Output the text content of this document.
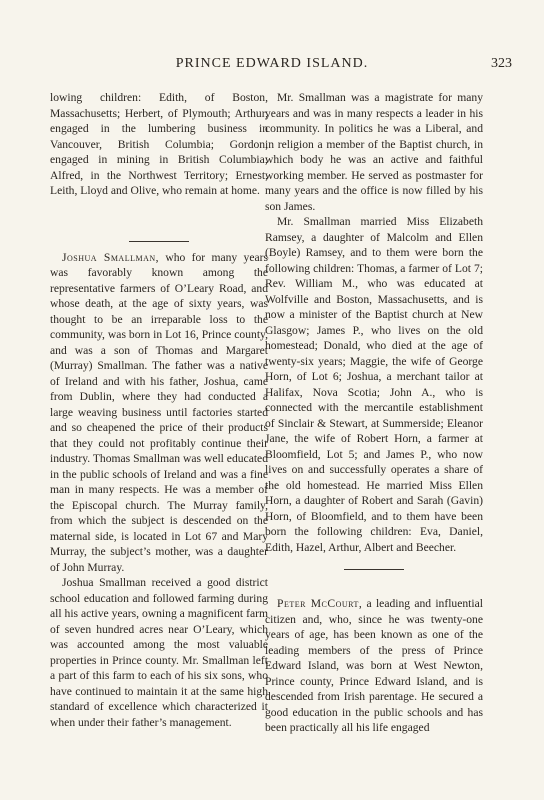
PRINCE EDWARD ISLAND.	323

lowing children: Edith, of Boston, Massachusetts; Herbert, of Plymouth; Arthur, engaged in the lumbering business in Vancouver, British Columbia; Gordon, engaged in mining in British Columbia; Alfred, in the Northwest Territory; Ernest, Leith, Lloyd and Olive, who remain at home.

Joshua Smallman, who for many years was favorably known among the representative farmers of O’Leary Road, and whose death, at the age of sixty years, was thought to be an irreparable loss to the community, was born in Lot 16, Prince county, and was a son of Thomas and Margaret (Murray) Smallman. The father was a native of Ireland and with his father, Joshua, came from Dublin, where they had conducted a large weaving business until factories started and so cheapened the price of their products that they could not profitably continue their industry. Thomas Smallman was well educated in the public schools of Ireland and was a fine man in many respects. He was a member of the Episcopal church. The Murray family, from which the subject is descended on the maternal side, is located in Lot 67 and Mary Murray, the subject’s mother, was a daughter of John Murray.

Joshua Smallman received a good district school education and followed farming during all his active years, owning a magnificent farm of seven hundred acres near O’Leary, which was accounted among the most valuable properties in Prince county. Mr. Smallman left a part of this farm to each of his six sons, who have continued to maintain it at the same high standard of excellence which characterized it when under their father’s management.

Mr. Smallman was a magistrate for many years and was in many respects a leader in his community. In politics he was a Liberal, and in religion a member of the Baptist church, in which body he was an active and faithful working member. He served as postmaster for many years and the office is now filled by his son James.

Mr. Smallman married Miss Elizabeth Ramsey, a daughter of Malcolm and Ellen (Boyle) Ramsey, and to them were born the following children: Thomas, a farmer of Lot 7; Rev. William M., who was educated at Wolfville and Boston, Massachusetts, and is now a minister of the Baptist church at New Glasgow; James P., who lives on the old homestead; Donald, who died at the age of twenty-six years; Maggie, the wife of George Horn, of Lot 6; Joshua, a merchant tailor at Halifax, Nova Scotia; John A., who is connected with the mercantile establishment of Sinclair & Stewart, at Summerside; Eleanor Jane, the wife of Robert Horn, a farmer at Bloomfield, Lot 5; and James P., who now lives on and successfully operates a share of the old homestead. He married Miss Ellen Horn, a daughter of Robert and Sarah (Gavin) Horn, of Bloomfield, and to them have been born the following children: Eva, Daniel, Edith, Hazel, Arthur, Albert and Beecher.

Peter McCourt, a leading and influential citizen and, who, since he was twenty-one years of age, has been known as one of the leading members of the press of Prince Edward Island, was born at West Newton, Prince county, Prince Edward Island, and is descended from Irish parentage. He secured a good education in the public schools and has been practically all his life engaged
